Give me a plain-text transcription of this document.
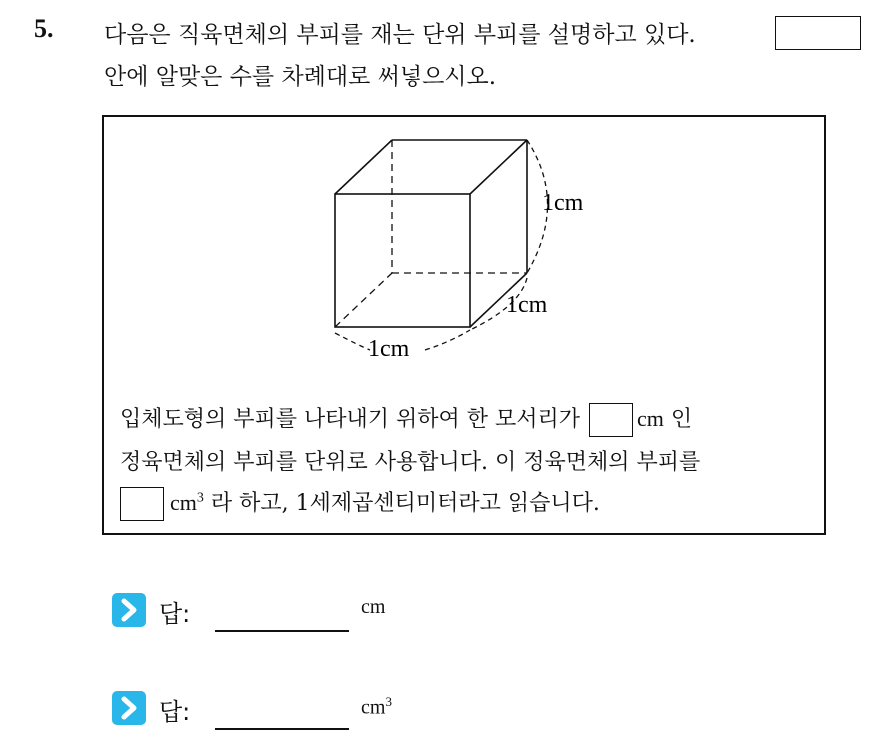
5. 다음은 직육면체의 부피를 재는 단위 부피를 설명하고 있다.
안에 알맞은 수를 차례대로 써넣으시오.
1cm
1cm
1cm
입체도형의 부피를 나타내기 위하여 한 모서리가	cm 인
정육면체의 부피를 단위로 사용합니다. 이 정육면체의 부피를
$cm^3$ 라 하고, 1세제곱센티미터라고 읽습니다.
답:	cm
답:	$cm^3$
